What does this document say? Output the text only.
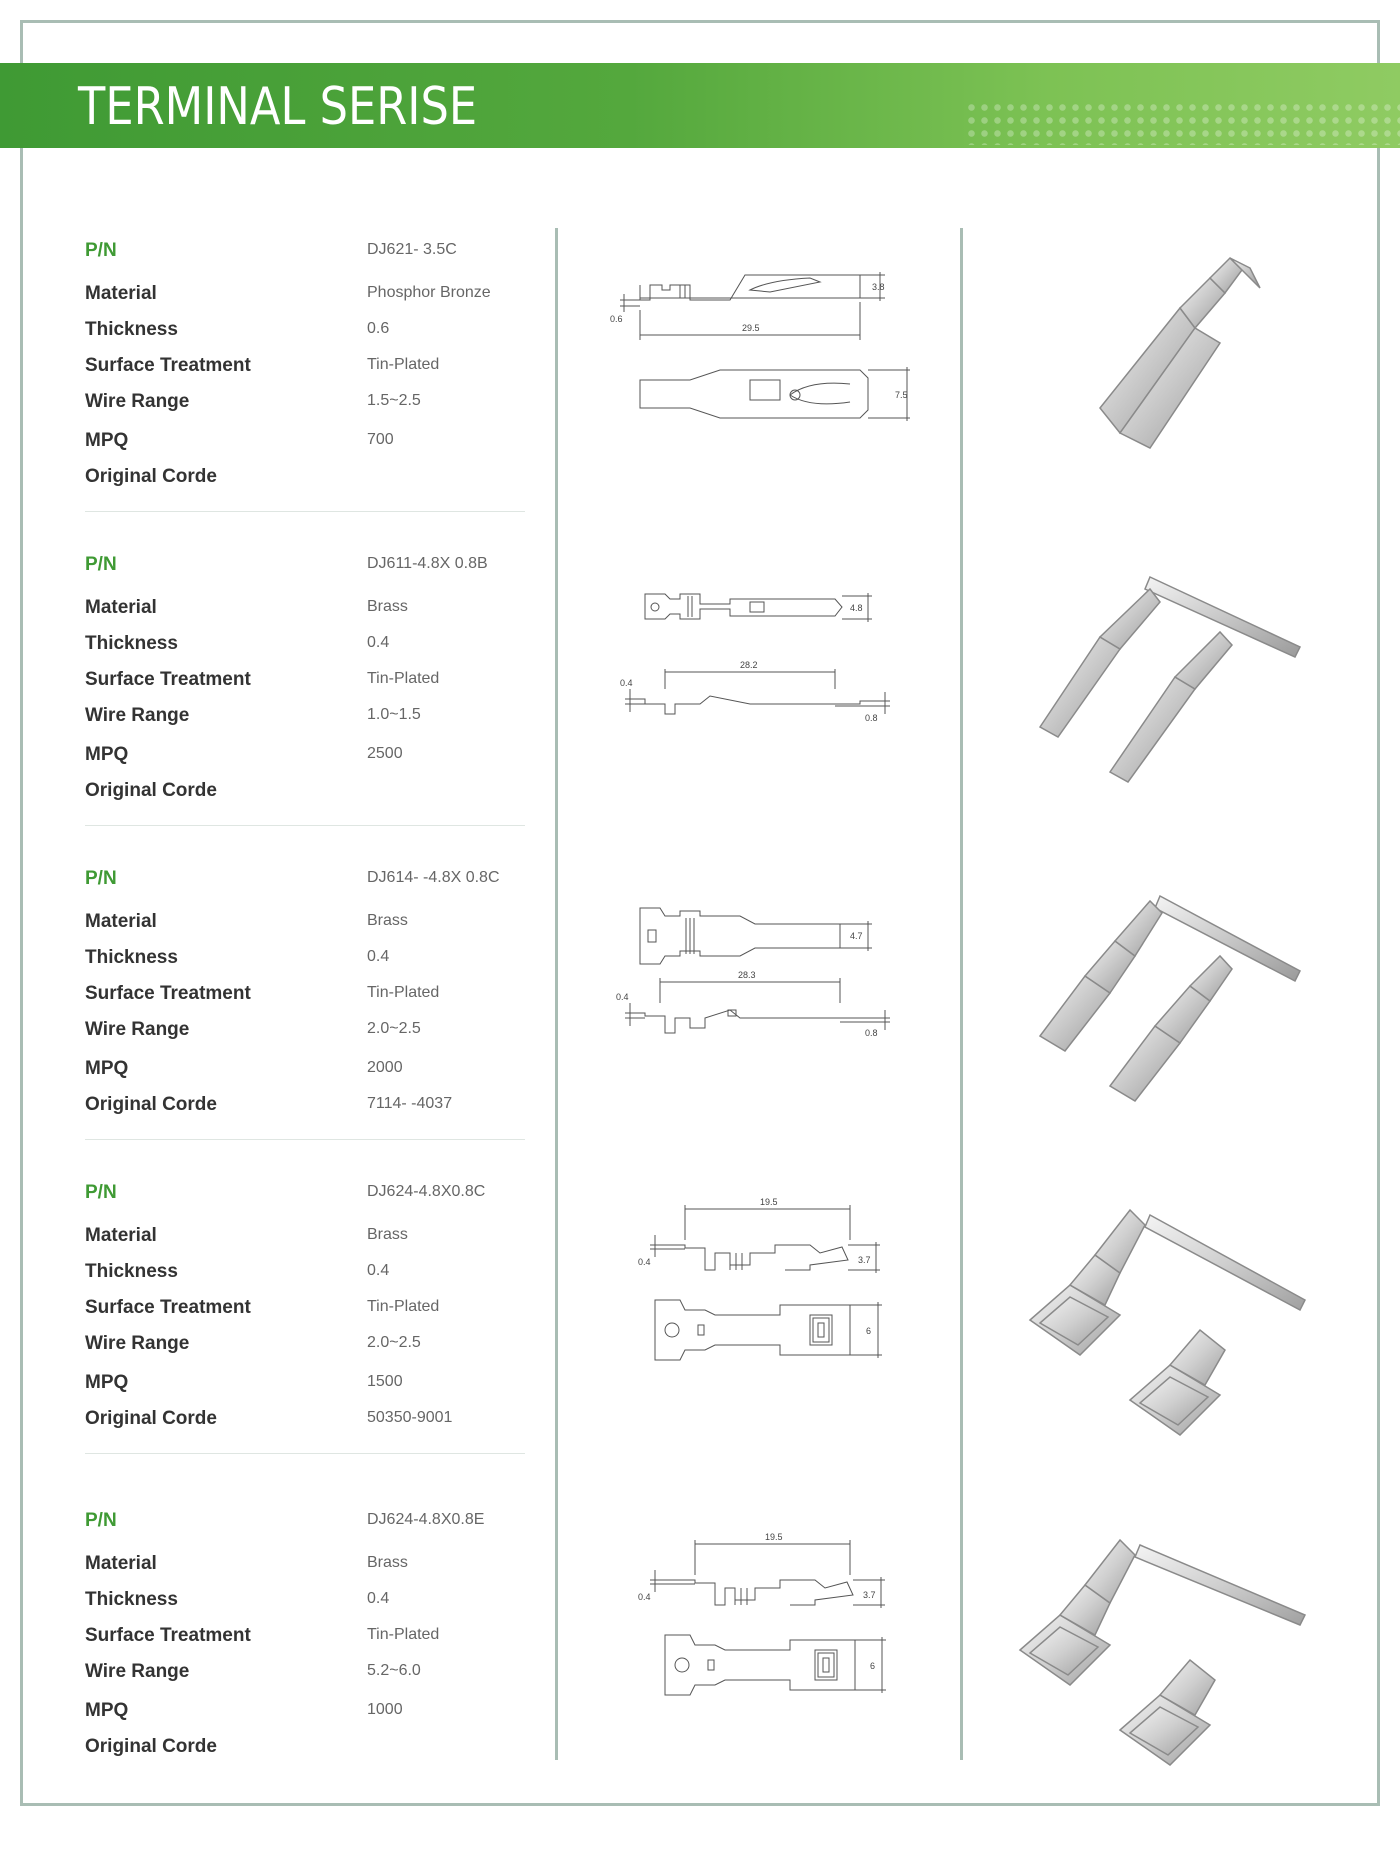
TERMINAL SERISE
P/N	DJ621- 3.5C
Material	Phosphor Bronze
Thickness	0.6
Surface Treatment	Tin-Plated
Wire Range	1.5~2.5
MPQ	700
Original Corde
3.8
0.6
29.5
7.5
P/N	DJ611-4.8X 0.8B
Material	Brass
Thickness	0.4
Surface Treatment	Tin-Plated
Wire Range	1.0~1.5
MPQ	2500
Original Corde
4.8
28.2
0.4
0.8
P/N	DJ614- -4.8X 0.8C
Material	Brass
Thickness	0.4
Surface Treatment	Tin-Plated
Wire Range	2.0~2.5
MPQ	2000
Original Corde	7114- -4037
4.7
28.3
0.4
0.8
P/N	DJ624-4.8X0.8C
Material	Brass
Thickness	0.4
Surface Treatment	Tin-Plated
Wire Range	2.0~2.5
MPQ	1500
Original Corde	50350-9001
19.5
0.4	3.7
6
P/N	DJ624-4.8X0.8E
Material	Brass
Thickness	0.4
Surface Treatment	Tin-Plated
Wire Range	5.2~6.0
MPQ	1000
Original Corde
19.5
0.4	3.7
6
